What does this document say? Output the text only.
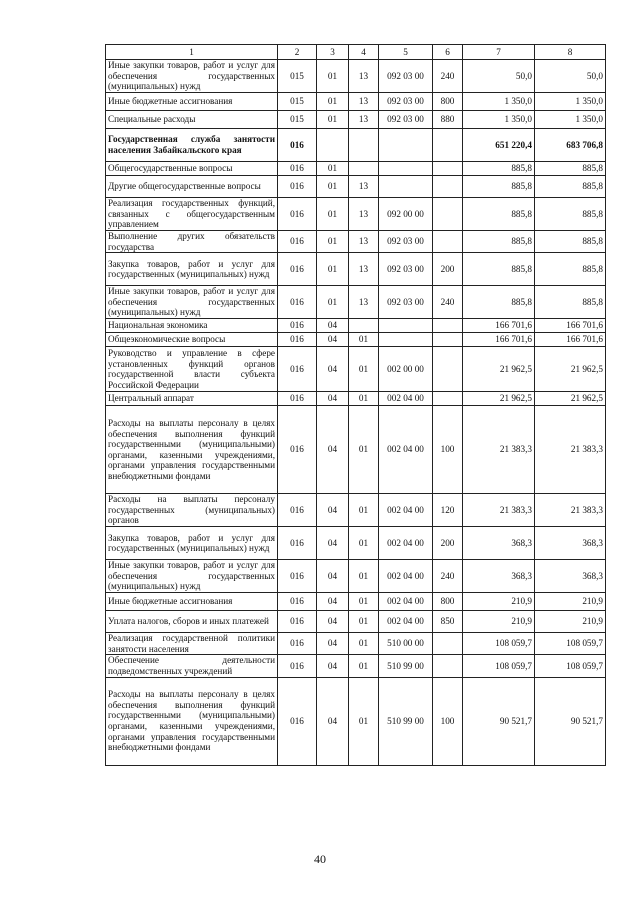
1	2	3	4	5	6	7	8
Иные закупки товаров, работ и услуг для обеспечения государственных (муниципальных) нужд	015	01	13	092 03 00	240	50,0	50,0
Иные бюджетные ассигнования	015	01	13	092 03 00	800	1 350,0	1 350,0
Специальные расходы	015	01	13	092 03 00	880	1 350,0	1 350,0
Государственная служба занятости населения Забайкальского края	016					651 220,4	683 706,8
Общегосударственные вопросы	016	01				885,8	885,8
Другие общегосударственные вопросы	016	01	13			885,8	885,8
Реализация государственных функций, связанных с общегосударственным управлением	016	01	13	092 00 00		885,8	885,8
Выполнение других обязательств государства	016	01	13	092 03 00		885,8	885,8
Закупка товаров, работ и услуг для государственных (муниципальных) нужд	016	01	13	092 03 00	200	885,8	885,8
Иные закупки товаров, работ и услуг для обеспечения государственных (муниципальных) нужд	016	01	13	092 03 00	240	885,8	885,8
Национальная экономика	016	04				166 701,6	166 701,6
Общеэкономические вопросы	016	04	01			166 701,6	166 701,6
Руководство и управление в сфере установленных функций органов государственной власти субъекта Российской Федерации	016	04	01	002 00 00		21 962,5	21 962,5
Центральный аппарат	016	04	01	002 04 00		21 962,5	21 962,5
Расходы на выплаты персоналу в целях обеспечения выполнения функций государственными (муниципальными) органами, казенными учреждениями, органами управления государственными внебюджетными фондами	016	04	01	002 04 00	100	21 383,3	21 383,3
Расходы на выплаты персоналу государственных (муниципальных) органов	016	04	01	002 04 00	120	21 383,3	21 383,3
Закупка товаров, работ и услуг для государственных (муниципальных) нужд	016	04	01	002 04 00	200	368,3	368,3
Иные закупки товаров, работ и услуг для обеспечения государственных (муниципальных) нужд	016	04	01	002 04 00	240	368,3	368,3
Иные бюджетные ассигнования	016	04	01	002 04 00	800	210,9	210,9
Уплата налогов, сборов и иных платежей	016	04	01	002 04 00	850	210,9	210,9
Реализация государственной политики занятости населения	016	04	01	510 00 00		108 059,7	108 059,7
Обеспечение деятельности подведомственных учреждений	016	04	01	510 99 00		108 059,7	108 059,7
Расходы на выплаты персоналу в целях обеспечения выполнения функций государственными (муниципальными) органами, казенными учреждениями, органами управления государственными внебюджетными фондами	016	04	01	510 99 00	100	90 521,7	90 521,7
40
